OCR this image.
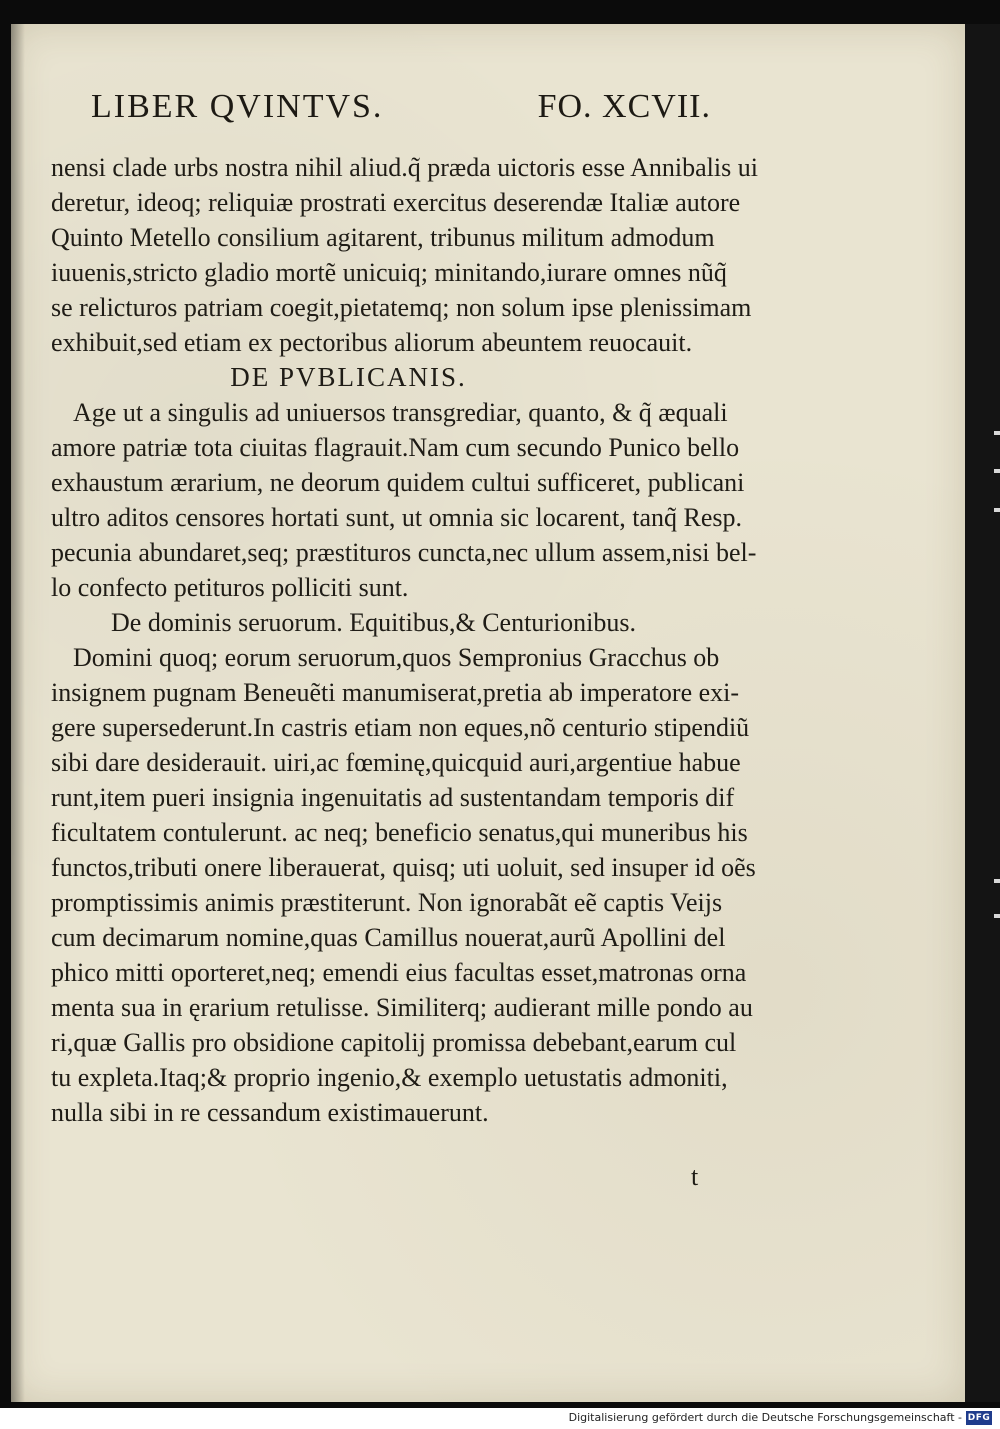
LIBER QVINTVS.	FO. XCVII.
nensi clade urbs nostra nihil aliud.q̃ præda uictoris esse Annibalis ui
deretur, ideoq; reliquiæ prostrati exercitus deserendæ Italiæ autore
Quinto Metello consilium agitarent, tribunus militum admodum
iuuenis,stricto gladio mortẽ unicuiq; minitando,iurare omnes nũq̃
se relicturos patriam coegit,pietatemq; non solum ipse plenissimam
exhibuit,sed etiam ex pectoribus aliorum abeuntem reuocauit.
DE PVBLICANIS.
Age ut a singulis ad uniuersos transgrediar, quanto, & q̃ æquali
amore patriæ tota ciuitas flagrauit.Nam cum secundo Punico bello
exhaustum ærarium, ne deorum quidem cultui sufficeret, publicani
ultro aditos censores hortati sunt, ut omnia sic locarent, tanq̃ Resp.
pecunia abundaret,seq; præstituros cuncta,nec ullum assem,nisi bel-
lo confecto petituros polliciti sunt.
De dominis seruorum. Equitibus,& Centurionibus.
Domini quoq; eorum seruorum,quos Sempronius Gracchus ob
insignem pugnam Beneuẽti manumiserat,pretia ab imperatore exi-
gere supersederunt.In castris etiam non eques,nõ centurio stipendiũ
sibi dare desiderauit. uiri,ac fœminę,quicquid auri,argentiue habue
runt,item pueri insignia ingenuitatis ad sustentandam temporis dif
ficultatem contulerunt. ac neq; beneficio senatus,qui muneribus his
functos,tributi onere liberauerat, quisq; uti uoluit, sed insuper id oẽs
promptissimis animis præstiterunt. Non ignorabãt eẽ captis Veijs
cum decimarum nomine,quas Camillus nouerat,aurũ Apollini del
phico mitti oporteret,neq; emendi eius facultas esset,matronas orna
menta sua in ęrarium retulisse. Similiterq; audierant mille pondo au
ri,quæ Gallis pro obsidione capitolij promissa debebant,earum cul
tu expleta.Itaq;& proprio ingenio,& exemplo uetustatis admoniti,
nulla sibi in re cessandum existimauerunt.
t
Digitalisierung gefördert durch die Deutsche Forschungsgemeinschaft - DFG
